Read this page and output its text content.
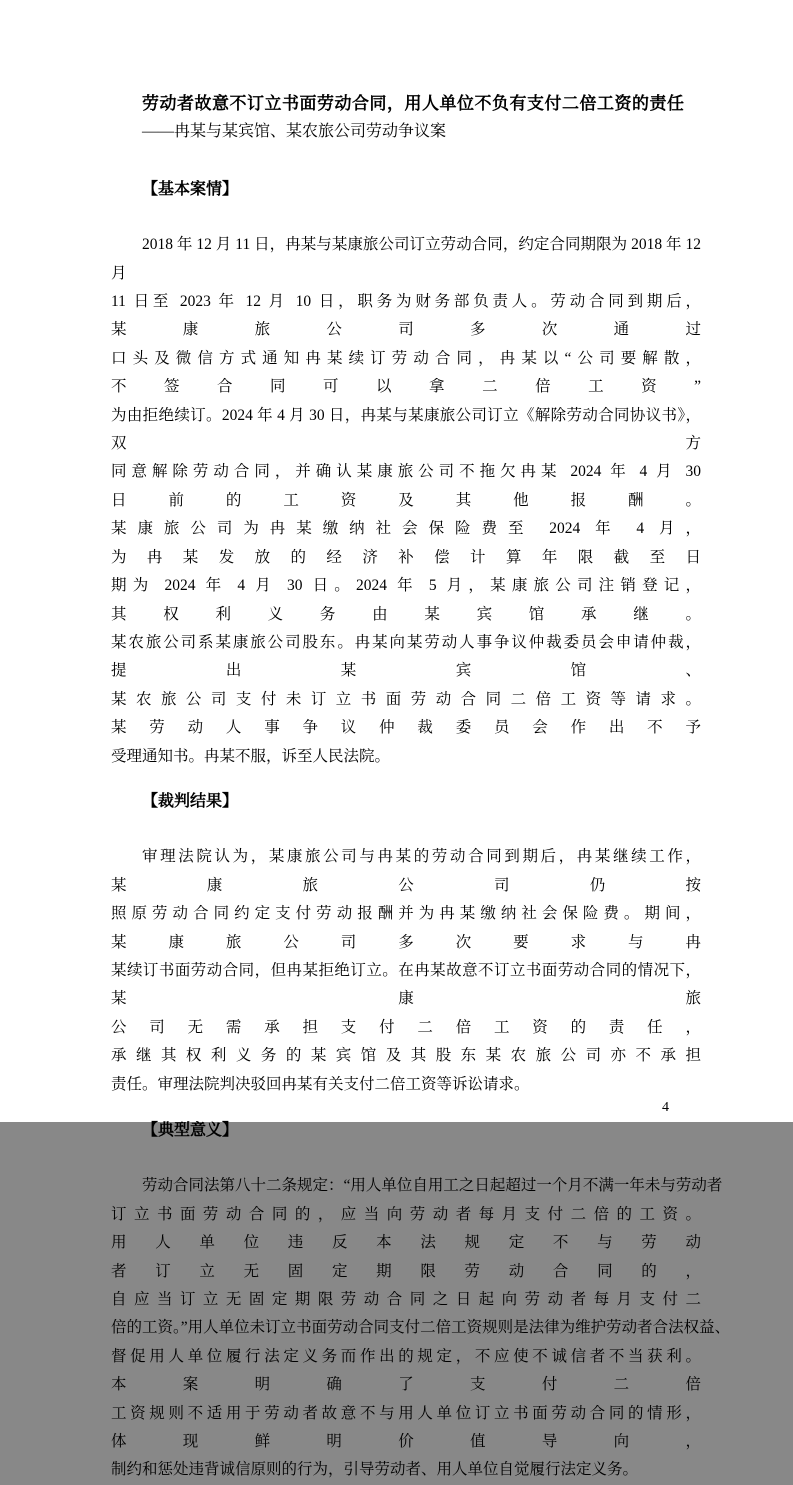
劳动者故意不订立书面劳动合同，用人单位不负有支付二倍工资的责任

——冉某与某宾馆、某农旅公司劳动争议案

【基本案情】

2018 年 12 月 11 日，冉某与某康旅公司订立劳动合同，约定合同期限为 2018 年 12 月
11 日至 2023 年 12 月 10 日，职务为财务部负责人。劳动合同到期后，某康旅公司多次通过
口头及微信方式通知冉某续订劳动合同，冉某以“公司要解散，不签合同可以拿二倍工资”
为由拒绝续订。2024 年 4 月 30 日，冉某与某康旅公司订立《解除劳动合同协议书》，双方
同意解除劳动合同，并确认某康旅公司不拖欠冉某 2024 年 4 月 30 日前的工资及其他报酬。
某康旅公司为冉某缴纳社会保险费至 2024 年 4 月，为冉某发放的经济补偿计算年限截至日
期为 2024 年 4 月 30 日。2024 年 5 月，某康旅公司注销登记，其权利义务由某宾馆承继。
某农旅公司系某康旅公司股东。冉某向某劳动人事争议仲裁委员会申请仲裁，提出某宾馆、
某农旅公司支付未订立书面劳动合同二倍工资等请求。某劳动人事争议仲裁委员会作出不予
受理通知书。冉某不服，诉至人民法院。

【裁判结果】

审理法院认为，某康旅公司与冉某的劳动合同到期后，冉某继续工作，某康旅公司仍按
照原劳动合同约定支付劳动报酬并为冉某缴纳社会保险费。期间，某康旅公司多次要求与冉
某续订书面劳动合同，但冉某拒绝订立。在冉某故意不订立书面劳动合同的情况下，某康旅
公司无需承担支付二倍工资的责任，承继其权利义务的某宾馆及其股东某农旅公司亦不承担
责任。审理法院判决驳回冉某有关支付二倍工资等诉讼请求。

【典型意义】

劳动合同法第八十二条规定：“用人单位自用工之日起超过一个月不满一年未与劳动者
订立书面劳动合同的，应当向劳动者每月支付二倍的工资。用人单位违反本法规定不与劳动
者订立无固定期限劳动合同的，自应当订立无固定期限劳动合同之日起向劳动者每月支付二
倍的工资。”用人单位未订立书面劳动合同支付二倍工资规则是法律为维护劳动者合法权益、
督促用人单位履行法定义务而作出的规定，不应使不诚信者不当获利。本案明确了支付二倍
工资规则不适用于劳动者故意不与用人单位订立书面劳动合同的情形，体现鲜明价值导向，
制约和惩处违背诚信原则的行为，引导劳动者、用人单位自觉履行法定义务。
4
